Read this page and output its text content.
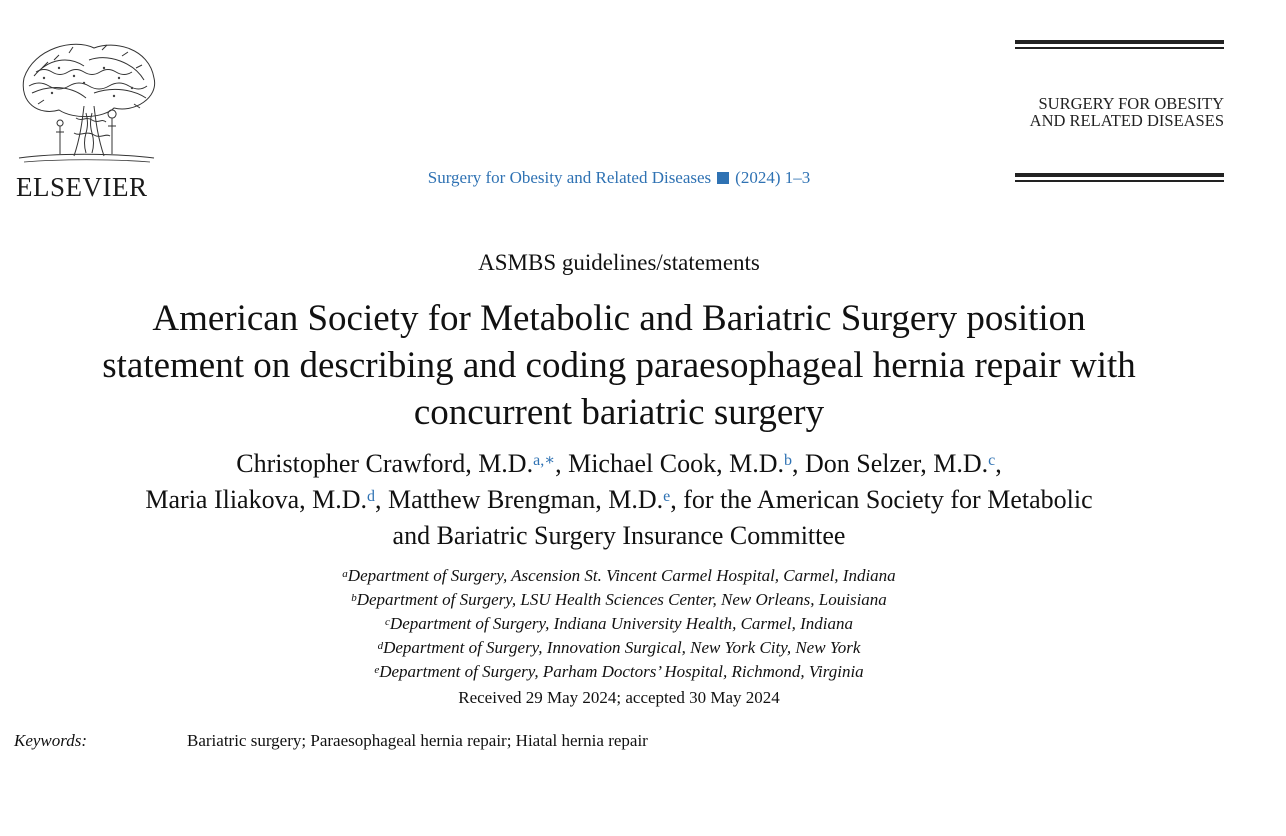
ELSEVIER	Surgery for Obesity and Related Diseases (2024) 1–3
SURGERY FOR OBESITY
AND RELATED DISEASES
ASMBS guidelines/statements
American Society for Metabolic and Bariatric Surgery position
statement on describing and coding paraesophageal hernia repair with
concurrent bariatric surgery
Christopher Crawford, M.D.$^{a,∗}$, Michael Cook, M.D.$^b$, Don Selzer, M.D.$^c$,
Maria Iliakova, M.D.$^d$, Matthew Brengman, M.D.$^e$, for the American Society for Metabolic
and Bariatric Surgery Insurance Committee
$^a$Department of Surgery, Ascension St. Vincent Carmel Hospital, Carmel, Indiana
$^b$Department of Surgery, LSU Health Sciences Center, New Orleans, Louisiana
$^c$Department of Surgery, Indiana University Health, Carmel, Indiana
$^d$Department of Surgery, Innovation Surgical, New York City, New York
$^e$Department of Surgery, Parham Doctors’ Hospital, Richmond, Virginia
Received 29 May 2024; accepted 30 May 2024
Keywords:	Bariatric surgery; Paraesophageal hernia repair; Hiatal hernia repair
